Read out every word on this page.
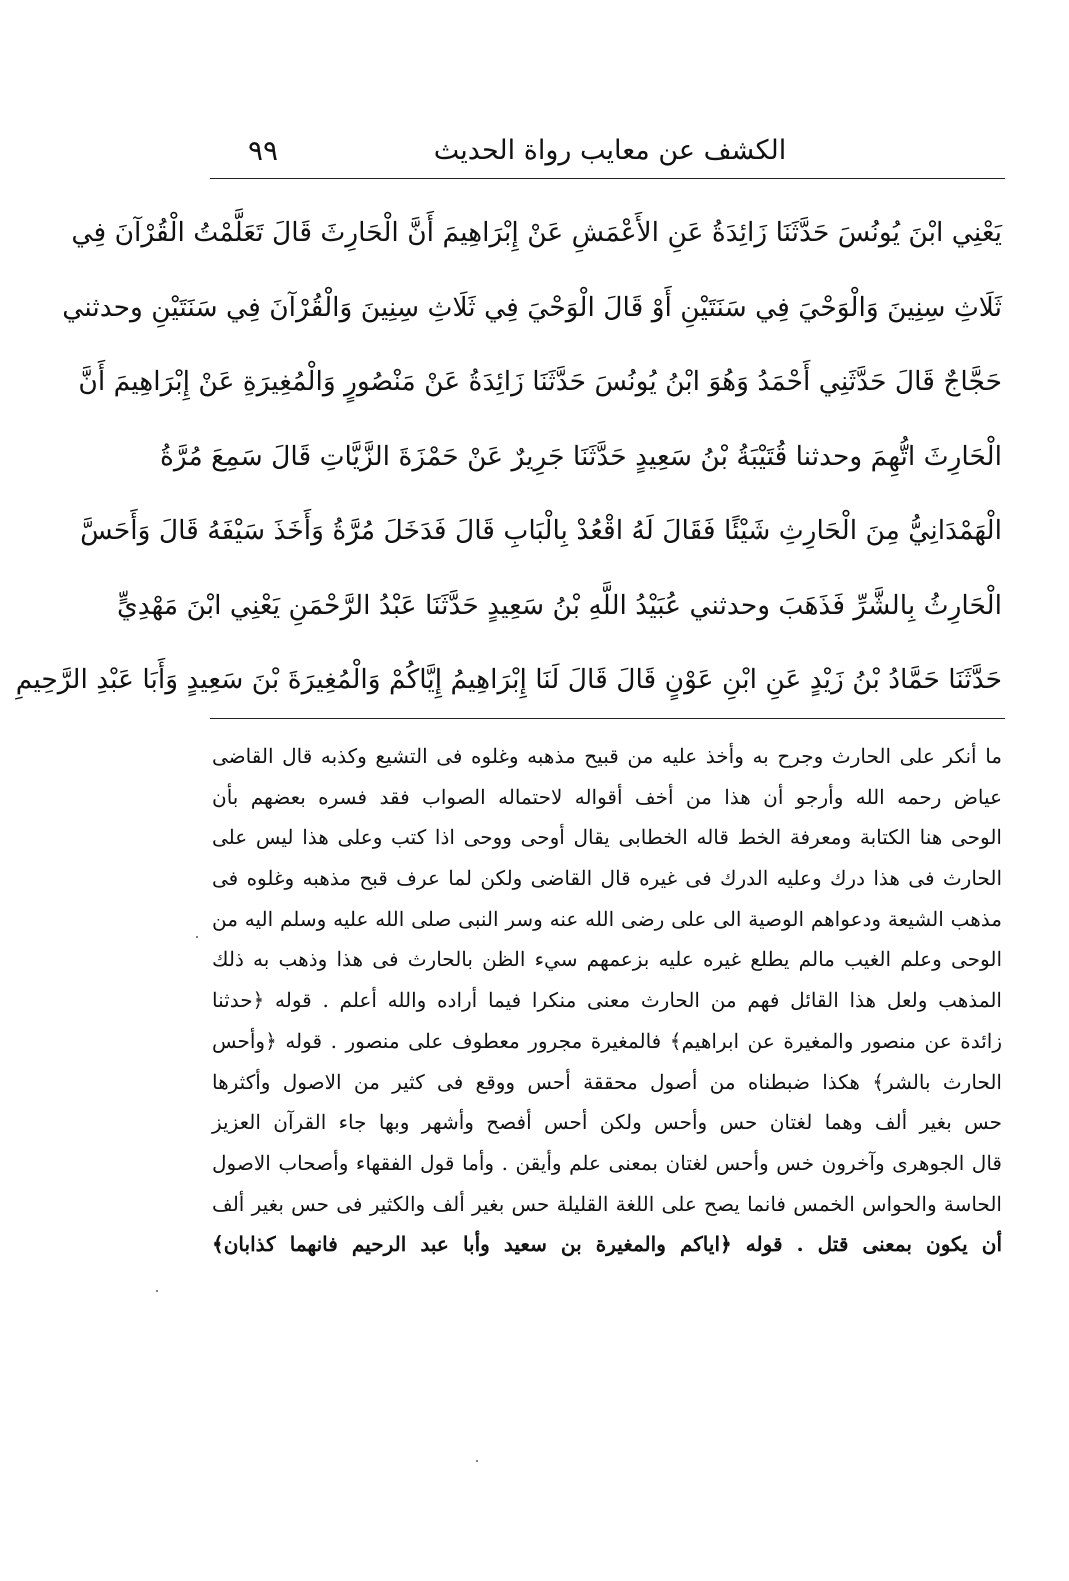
الكشف عن معايب رواة الحديث
٩٩
يَعْنِي ابْنَ يُونُسَ حَدَّثَنَا زَائِدَةُ عَنِ الأَعْمَشِ عَنْ إِبْرَاهِيمَ أَنَّ الْحَارِثَ قَالَ تَعَلَّمْتُ الْقُرْآنَ فِي
ثَلَاثِ سِنِينَ وَالْوَحْيَ فِي سَنَتَيْنِ أَوْ قَالَ الْوَحْيَ فِي ثَلَاثِ سِنِينَ وَالْقُرْآنَ فِي سَنَتَيْنِ وحدثني
حَجَّاجٌ قَالَ حَدَّثَنِي أَحْمَدُ وَهُوَ ابْنُ يُونُسَ حَدَّثَنَا زَائِدَةُ عَنْ مَنْصُورٍ وَالْمُغِيرَةِ عَنْ إِبْرَاهِيمَ أَنَّ
الْحَارِثَ اتُّهِمَ وحدثنا قُتَيْبَةُ بْنُ سَعِيدٍ حَدَّثَنَا جَرِيرٌ عَنْ حَمْزَةَ الزَّيَّاتِ قَالَ سَمِعَ مُرَّةُ
الْهَمْدَانِيُّ مِنَ الْحَارِثِ شَيْئًا فَقَالَ لَهُ اقْعُدْ بِالْبَابِ قَالَ فَدَخَلَ مُرَّةُ وَأَخَذَ سَيْفَهُ قَالَ وَأَحَسَّ
الْحَارِثُ بِالشَّرِّ فَذَهَبَ وحدثني عُبَيْدُ اللَّهِ بْنُ سَعِيدٍ حَدَّثَنَا عَبْدُ الرَّحْمَنِ يَعْنِي ابْنَ مَهْدِيٍّ
حَدَّثَنَا حَمَّادُ بْنُ زَيْدٍ عَنِ ابْنِ عَوْنٍ قَالَ قَالَ لَنَا إِبْرَاهِيمُ إِيَّاكُمْ وَالْمُغِيرَةَ بْنَ سَعِيدٍ وَأَبَا عَبْدِ الرَّحِيمِ
ما أنكر على الحارث وجرح به وأخذ عليه من قبيح مذهبه وغلوه فى التشيع وكذبه قال القاضى
عياض رحمه الله وأرجو أن هذا من أخف أقواله لاحتماله الصواب فقد فسره بعضهم بأن
الوحى هنا الكتابة ومعرفة الخط قاله الخطابى يقال أوحى ووحى اذا كتب وعلى هذا ليس على
الحارث فى هذا درك وعليه الدرك فى غيره قال القاضى ولكن لما عرف قبح مذهبه وغلوه فى
مذهب الشيعة ودعواهم الوصية الى على رضى الله عنه وسر النبى صلى الله عليه وسلم اليه من
الوحى وعلم الغيب مالم يطلع غيره عليه بزعمهم سيء الظن بالحارث فى هذا وذهب به ذلك
المذهب ولعل هذا القائل فهم من الحارث معنى منكرا فيما أراده والله أعلم . قوله ﴿حدثنا
زائدة عن منصور والمغيرة عن ابراهيم﴾ فالمغيرة مجرور معطوف على منصور . قوله ﴿وأحس
الحارث بالشر﴾ هكذا ضبطناه من أصول محققة أحس ووقع فى كثير من الاصول وأكثرها
حس بغير ألف وهما لغتان حس وأحس ولكن أحس أفصح وأشهر وبها جاء القرآن العزيز
قال الجوهرى وآخرون خس وأحس لغتان بمعنى علم وأيقن . وأما قول الفقهاء وأصحاب الاصول
الحاسة والحواس الخمس فانما يصح على اللغة القليلة حس بغير ألف والكثير فى حس بغير ألف
أن يكون بمعنى قتل . قوله ﴿اياكم والمغيرة بن سعيد وأبا عبد الرحيم فانهما كذابان﴾
